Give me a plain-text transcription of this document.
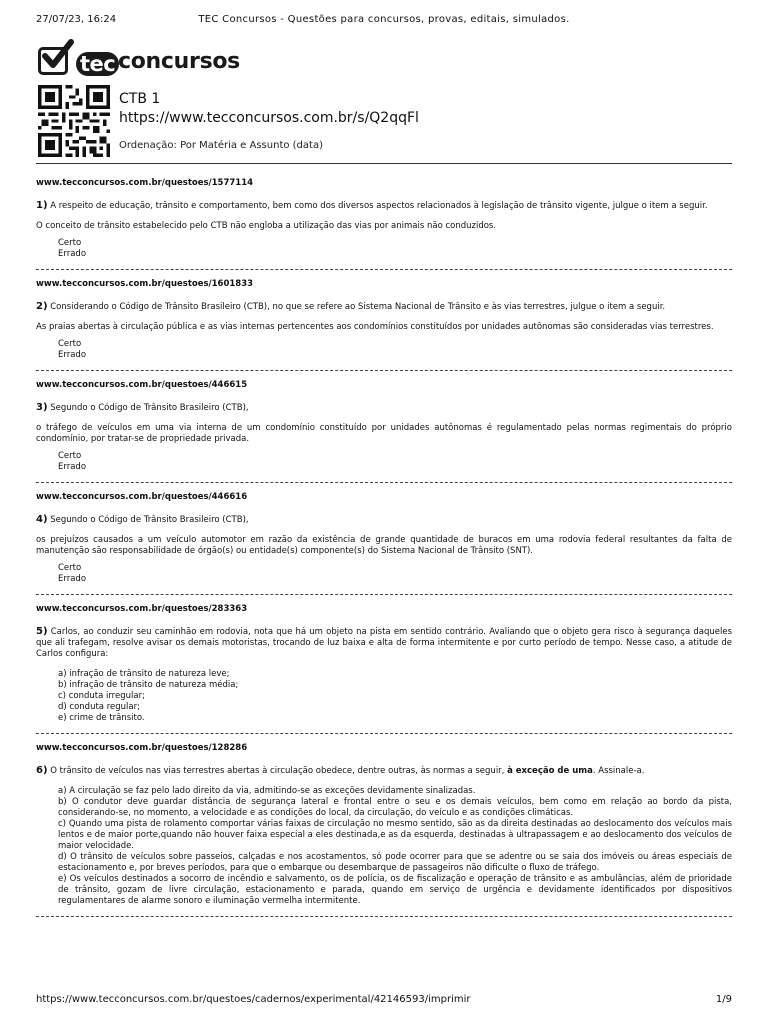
27/07/23, 16:24	TEC Concursos - Questões para concursos, provas, editais, simulados.
tec concursos
CTB 1
https://www.tecconcursos.com.br/s/Q2qqFl
Ordenação: Por Matéria e Assunto (data)
www.tecconcursos.com.br/questoes/1577114
1) A respeito de educação, trânsito e comportamento, bem como dos diversos aspectos relacionados à legislação de trânsito vigente, julgue o item a seguir.
O conceito de trânsito estabelecido pelo CTB não engloba a utilização das vias por animais não conduzidos.
Certo
Errado
www.tecconcursos.com.br/questoes/1601833
2) Considerando o Código de Trânsito Brasileiro (CTB), no que se refere ao Sistema Nacional de Trânsito e às vias terrestres, julgue o item a seguir.
As praias abertas à circulação pública e as vias internas pertencentes aos condomínios constituídos por unidades autônomas são consideradas vias terrestres.
Certo
Errado
www.tecconcursos.com.br/questoes/446615
3) Segundo o Código de Trânsito Brasileiro (CTB),
o tráfego de veículos em uma via interna de um condomínio constituído por unidades autônomas é regulamentado pelas normas regimentais do próprio condomínio, por tratar-se de propriedade privada.
Certo
Errado
www.tecconcursos.com.br/questoes/446616
4) Segundo o Código de Trânsito Brasileiro (CTB),
os prejuízos causados a um veículo automotor em razão da existência de grande quantidade de buracos em uma rodovia federal resultantes da falta de manutenção são responsabilidade de órgão(s) ou entidade(s) componente(s) do Sistema Nacional de Trânsito (SNT).
Certo
Errado
www.tecconcursos.com.br/questoes/283363
5) Carlos, ao conduzir seu caminhão em rodovia, nota que há um objeto na pista em sentido contrário. Avaliando que o objeto gera risco à segurança daqueles que ali trafegam, resolve avisar os demais motoristas, trocando de luz baixa e alta de forma intermitente e por curto período de tempo. Nesse caso, a atitude de Carlos configura:
a) infração de trânsito de natureza leve;
b) infração de trânsito de natureza média;
c) conduta irregular;
d) conduta regular;
e) crime de trânsito.
www.tecconcursos.com.br/questoes/128286
6) O trânsito de veículos nas vias terrestres abertas à circulação obedece, dentre outras, às normas a seguir, à exceção de uma. Assinale-a.
a) A circulação se faz pelo lado direito da via, admitindo-se as exceções devidamente sinalizadas.
b) O condutor deve guardar distância de segurança lateral e frontal entre o seu e os demais veículos, bem como em relação ao bordo da pista, considerando-se, no momento, a velocidade e as condições do local, da circulação, do veículo e as condições climáticas.
c) Quando uma pista de rolamento comportar várias faixas de circulação no mesmo sentido, são as da direita destinadas ao deslocamento dos veículos mais lentos e de maior porte,quando não houver faixa especial a eles destinada,e as da esquerda, destinadas à ultrapassagem e ao deslocamento dos veículos de maior velocidade.
d) O trânsito de veículos sobre passeios, calçadas e nos acostamentos, só pode ocorrer para que se adentre ou se saia dos imóveis ou áreas especiais de estacionamento e, por breves períodos, para que o embarque ou desembarque de passageiros não dificulte o fluxo de tráfego.
e) Os veículos destinados a socorro de incêndio e salvamento, os de polícia, os de fiscalização e operação de trânsito e as ambulâncias, além de prioridade de trânsito, gozam de livre circulação, estacionamento e parada, quando em serviço de urgência e devidamente identificados por dispositivos regulamentares de alarme sonoro e iluminação vermelha intermitente.
https://www.tecconcursos.com.br/questoes/cadernos/experimental/42146593/imprimir	1/9
